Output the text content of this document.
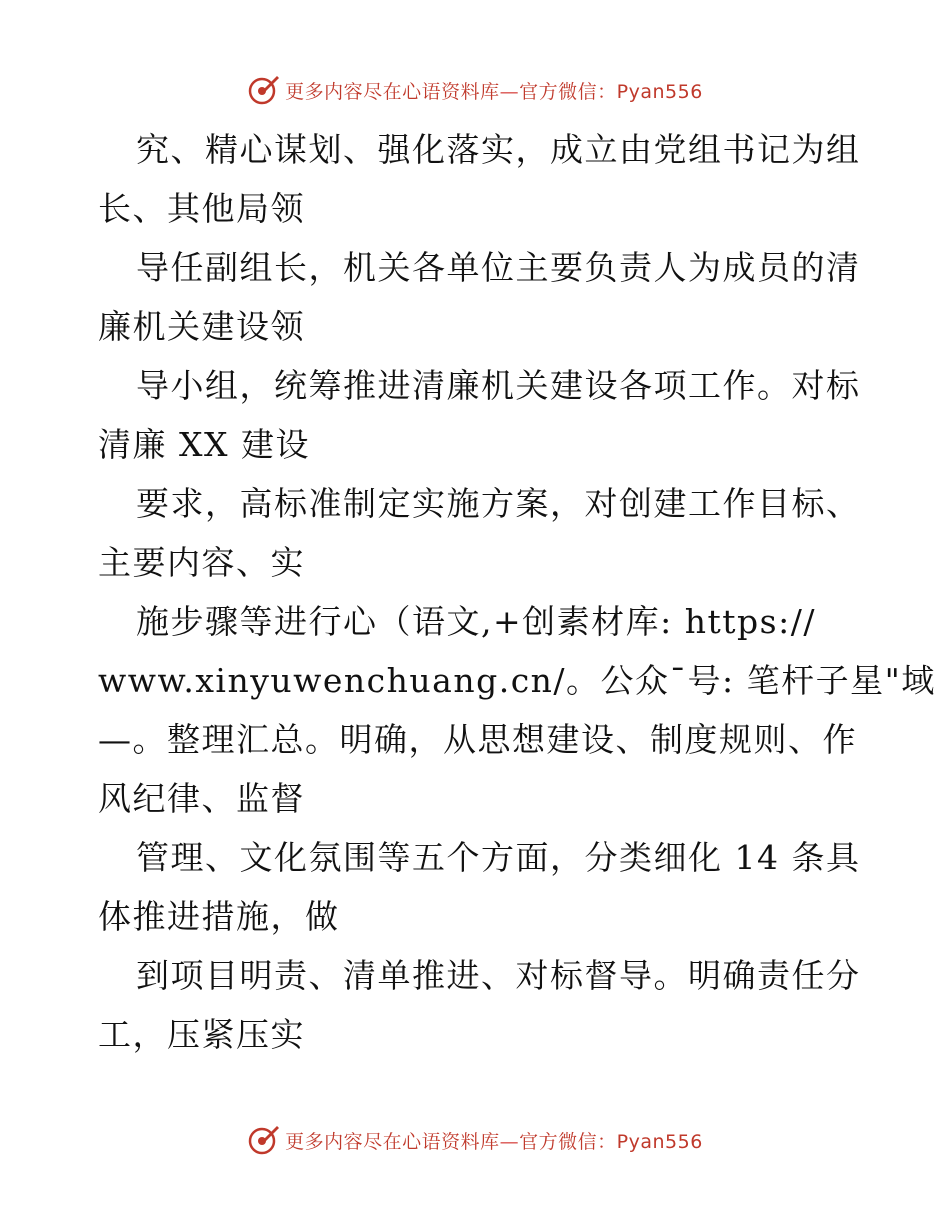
更多内容尽在心语资料库—官方微信：Pyan556
究、精心谋划、强化落实，成立由党组书记为组
长、其他局领
导任副组长，机关各单位主要负责人为成员的清
廉机关建设领
导小组，统筹推进清廉机关建设各项工作。对标
清廉 XX 建设
要求，高标准制定实施方案，对创建工作目标、
主要内容、实
施步骤等进行心（语文,+创素材库: https://
www.xinyuwenchuang.cn/。公众¯号: 笔杆子星"域
—。整理汇总。明确，从思想建设、制度规则、作
风纪律、监督
管理、文化氛围等五个方面，分类细化 14 条具
体推进措施，做
到项目明责、清单推进、对标督导。明确责任分
工，压紧压实
更多内容尽在心语资料库—官方微信：Pyan556
